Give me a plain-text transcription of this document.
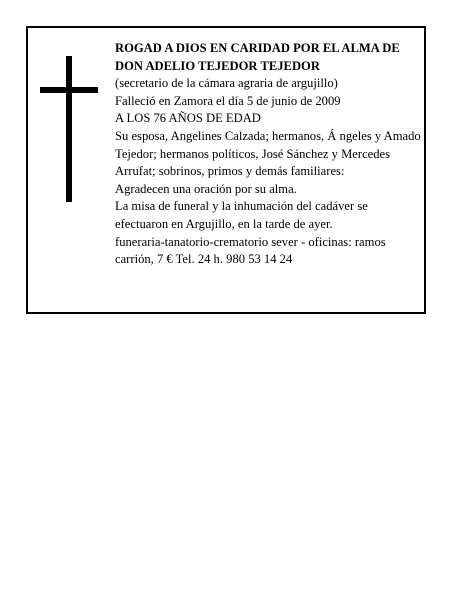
ROGAD A DIOS EN CARIDAD POR EL ALMA DE DON ADELIO TEJEDOR TEJEDOR

(secretario de la cámara agraria de argujillo)

Falleció en Zamora el día 5 de junio de 2009

A LOS 76 AÑOS DE EDAD

Su esposa, Angelines Calzada; hermanos, Á ngeles y Amado Tejedor; hermanos políticos, José Sánchez y Mercedes Arrufat; sobrinos, primos y demás familiares:

Agradecen una oración por su alma.

La misa de funeral y la inhumación del cadáver se efectuaron en Argujillo, en la tarde de ayer.

funeraria-tanatorio-crematorio sever - oficinas: ramos carrión, 7 € Tel. 24 h. 980 53 14 24
